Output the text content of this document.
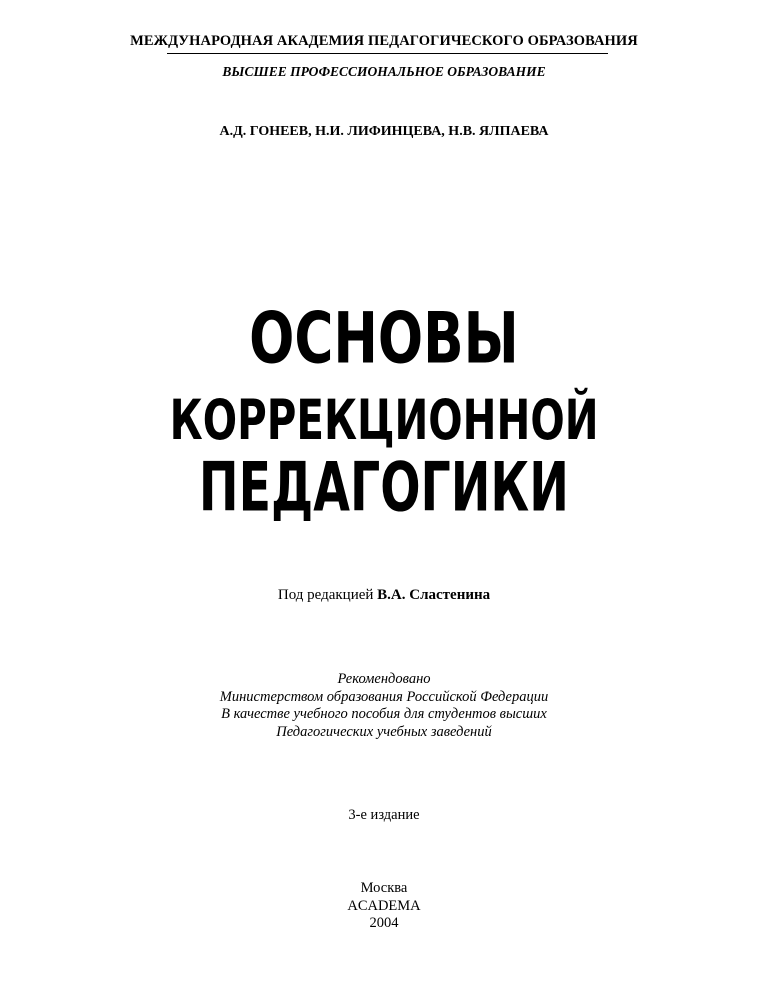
МЕЖДУНАРОДНАЯ АКАДЕМИЯ ПЕДАГОГИЧЕСКОГО ОБРАЗОВАНИЯ
ВЫСШЕЕ ПРОФЕССИОНАЛЬНОЕ ОБРАЗОВАНИЕ
А.Д. ГОНЕЕВ, Н.И. ЛИФИНЦЕВА, Н.В. ЯЛПАЕВА
ОСНОВЫ
КОРРЕКЦИОННОЙ
ПЕДАГОГИКИ
Под редакцией В.А. Сластенина
Рекомендовано
Министерством образования Российской Федерации
В качестве учебного пособия для студентов высших
Педагогических учебных заведений
3-е издание
Москва
ACADEMA
2004
